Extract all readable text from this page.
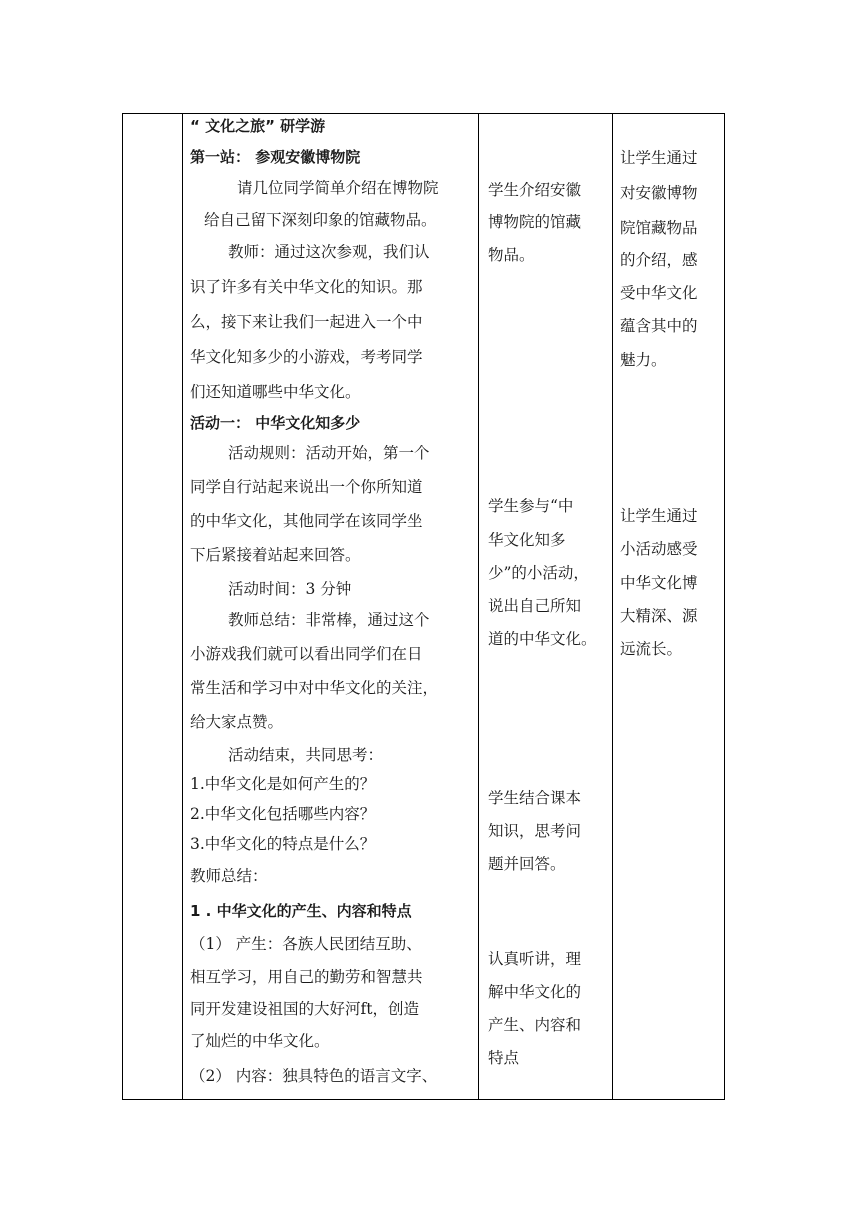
“ 文化之旅” 研学游
第一站： 参观安徽博物院
请几位同学简单介绍在博物院
给自己留下深刻印象的馆藏物品。
教师：通过这次参观，我们认
识了许多有关中华文化的知识。那
么，接下来让我们一起进入一个中
华文化知多少的小游戏，考考同学
们还知道哪些中华文化。
活动一： 中华文化知多少
活动规则：活动开始，第一个
同学自行站起来说出一个你所知道
的中华文化，其他同学在该同学坐
下后紧接着站起来回答。
活动时间：3 分钟
教师总结：非常棒，通过这个
小游戏我们就可以看出同学们在日
常生活和学习中对中华文化的关注，
给大家点赞。
活动结束，共同思考：
1.中华文化是如何产生的？
2.中华文化包括哪些内容？
3.中华文化的特点是什么？
教师总结：
1 . 中华文化的产生、内容和特点
（1） 产生：各族人民团结互助、
相互学习，用自己的勤劳和智慧共
同开发建设祖国的大好河ft，创造
了灿烂的中华文化。
（2） 内容：独具特色的语言文字、
学生介绍安徽
博物院的馆藏
物品。
学生参与“中
华文化知多
少”的小活动，
说出自己所知
道的中华文化。
学生结合课本
知识，思考问
题并回答。
认真听讲，理
解中华文化的
产生、内容和
特点
让学生通过
对安徽博物
院馆藏物品
的介绍，感
受中华文化
蕴含其中的
魅力。
让学生通过
小活动感受
中华文化博
大精深、源
远流长。
